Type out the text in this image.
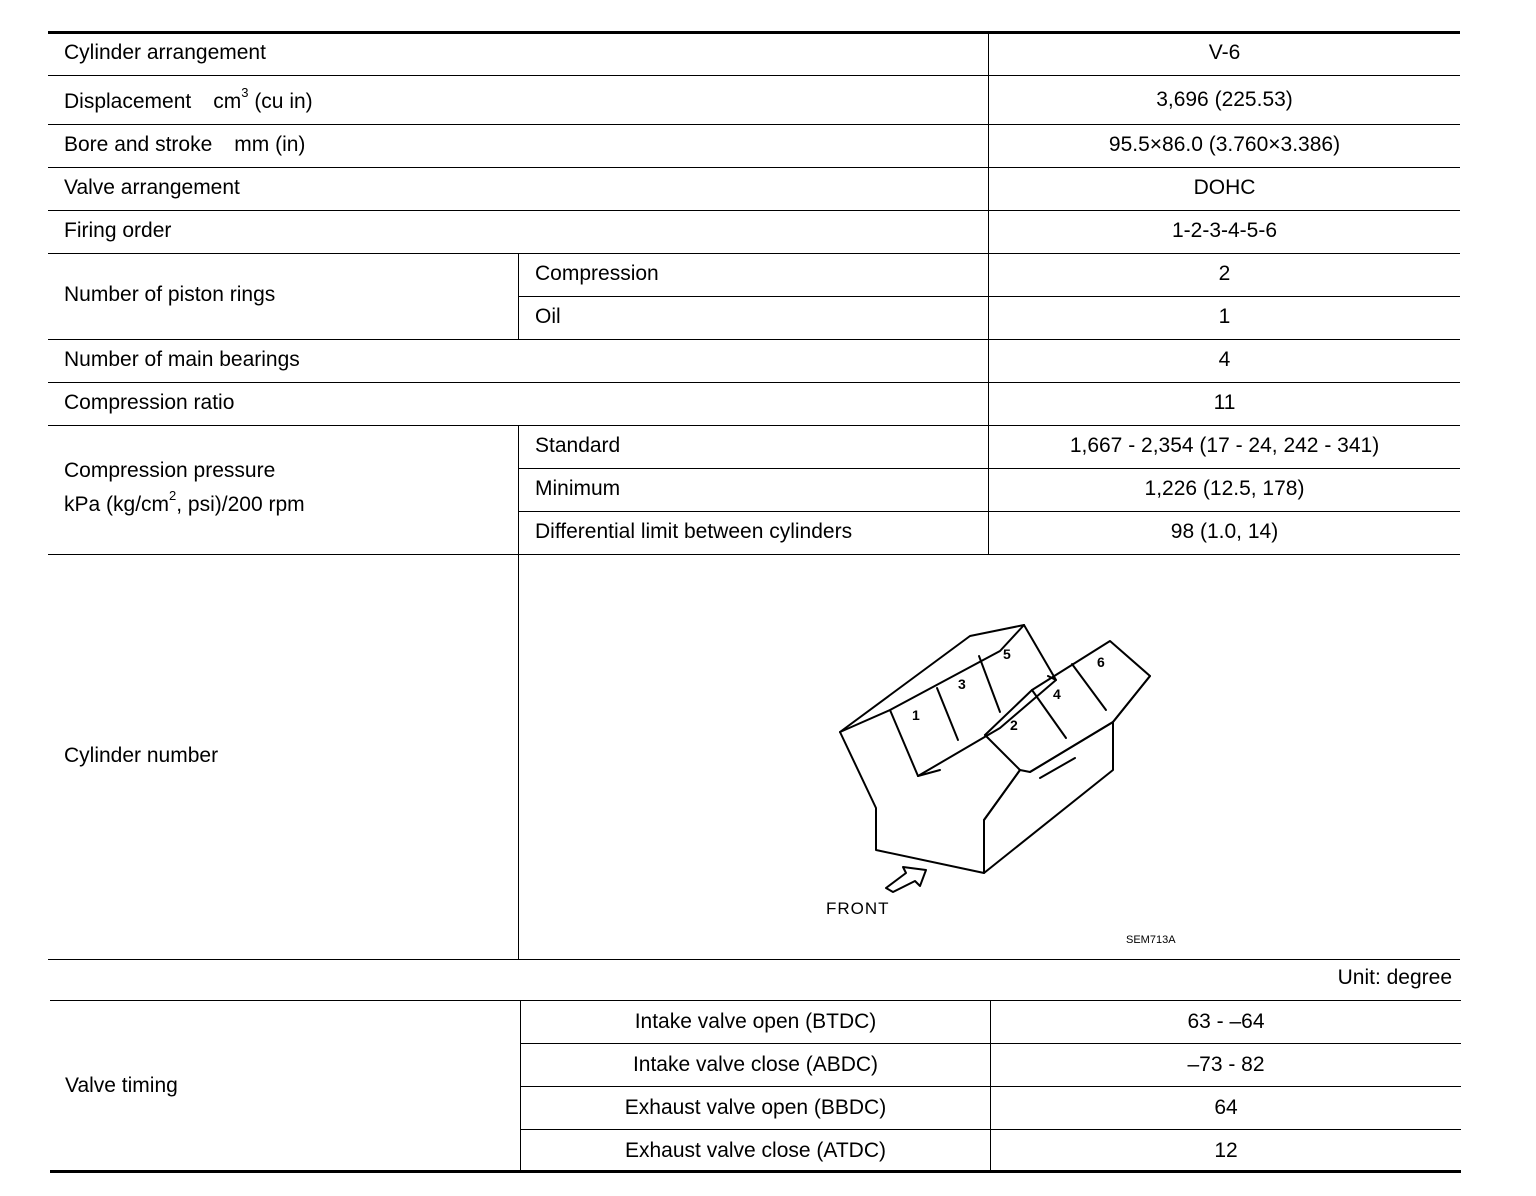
Cylinder arrangement	V-6
Displacement $cm^3$ (cu in)	3,696 (225.53)
Bore and stroke mm (in)	95.5×86.0 (3.760×3.386)
Valve arrangement	DOHC
Firing order	1-2-3-4-5-6
Number of piston rings
Compression	2
Oil	1
Number of main bearings	4
Compression ratio	11
Compression pressure
kPa ($kg/cm^2$, psi)/200 rpm
Standard	1,667 - 2,354 (17 - 24, 242 - 341)
Minimum	1,226 (12.5, 178)
Differential limit between cylinders	98 (1.0, 14)
Cylinder number
1
2
3
4
5	6
FRONT
SEM713A
Unit: degree
Valve timing
Intake valve open (BTDC)	63 - –64
Intake valve close (ABDC)	–73 - 82
Exhaust valve open (BBDC)	64
Exhaust valve close (ATDC)	12
